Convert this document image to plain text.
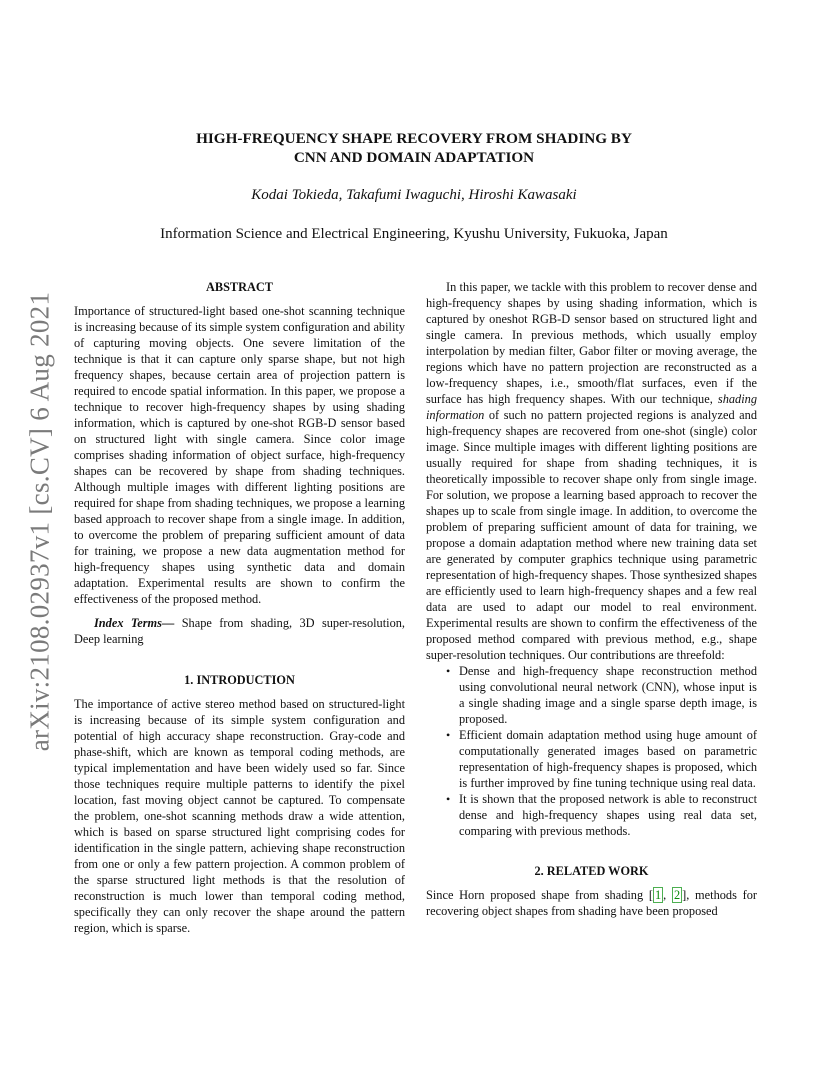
arXiv:2108.02937v1 [cs.CV] 6 Aug 2021
HIGH-FREQUENCY SHAPE RECOVERY FROM SHADING BY
CNN AND DOMAIN ADAPTATION
Kodai Tokieda, Takafumi Iwaguchi, Hiroshi Kawasaki
Information Science and Electrical Engineering, Kyushu University, Fukuoka, Japan
ABSTRACT

Importance of structured-light based one-shot scanning technique is increasing because of its simple system configuration and ability of capturing moving objects. One severe limitation of the technique is that it can capture only sparse shape, but not high frequency shapes, because certain area of projection pattern is required to encode spatial information. In this paper, we propose a technique to recover high-frequency shapes by using shading information, which is captured by one-shot RGB-D sensor based on structured light with single camera. Since color image comprises shading information of object surface, high-frequency shapes can be recovered by shape from shading techniques. Although multiple images with different lighting positions are required for shape from shading techniques, we propose a learning based approach to recover shape from a single image. In addition, to overcome the problem of preparing sufficient amount of data for training, we propose a new data augmentation method for high-frequency shapes using synthetic data and domain adaptation. Experimental results are shown to confirm the effectiveness of the proposed method.

Index Terms— Shape from shading, 3D super-resolution, Deep learning

1. INTRODUCTION

The importance of active stereo method based on structured-light is increasing because of its simple system configuration and potential of high accuracy shape reconstruction. Gray-code and phase-shift, which are known as temporal coding methods, are typical implementation and have been widely used so far. Since those techniques require multiple patterns to identify the pixel location, fast moving object cannot be captured. To compensate the problem, one-shot scanning methods draw a wide attention, which is based on sparse structured light comprising codes for identification in the single pattern, achieving shape reconstruction from one or only a few pattern projection. A common problem of the sparse structured light methods is that the resolution of reconstruction is much lower than temporal coding method, specifically they can only recover the shape around the pattern region, which is sparse.

In this paper, we tackle with this problem to recover dense and high-frequency shapes by using shading information, which is captured by oneshot RGB-D sensor based on structured light and single camera. In previous methods, which usually employ interpolation by median filter, Gabor filter or moving average, the regions which have no pattern projection are reconstructed as a low-frequency shapes, i.e., smooth/flat surfaces, even if the surface has high frequency shapes. With our technique, shading information of such no pattern projected regions is analyzed and high-frequency shapes are recovered from one-shot (single) color image. Since multiple images with different lighting positions are usually required for shape from shading techniques, it is theoretically impossible to recover shape only from single image. For solution, we propose a learning based approach to recover the shapes up to scale from single image. In addition, to overcome the problem of preparing sufficient amount of data for training, we propose a domain adaptation method where new training data set are generated by computer graphics technique using parametric representation of high-frequency shapes. Those synthesized shapes are efficiently used to learn high-frequency shapes and a few real data are used to adapt our model to real environment. Experimental results are shown to confirm the effectiveness of the proposed method compared with previous method, e.g., shape super-resolution techniques. Our contributions are threefold:

• Dense and high-frequency shape reconstruction method using convolutional neural network (CNN), whose input is a single shading image and a single sparse depth image, is proposed.
• Efficient domain adaptation method using huge amount of computationally generated images based on parametric representation of high-frequency shapes is proposed, which is further improved by fine tuning technique using real data.
• It is shown that the proposed network is able to reconstruct dense and high-frequency shapes using real data set, comparing with previous methods.
2. RELATED WORK

Since Horn proposed shape from shading [ 1 , 2 ], methods for recovering object shapes from shading have been proposed
